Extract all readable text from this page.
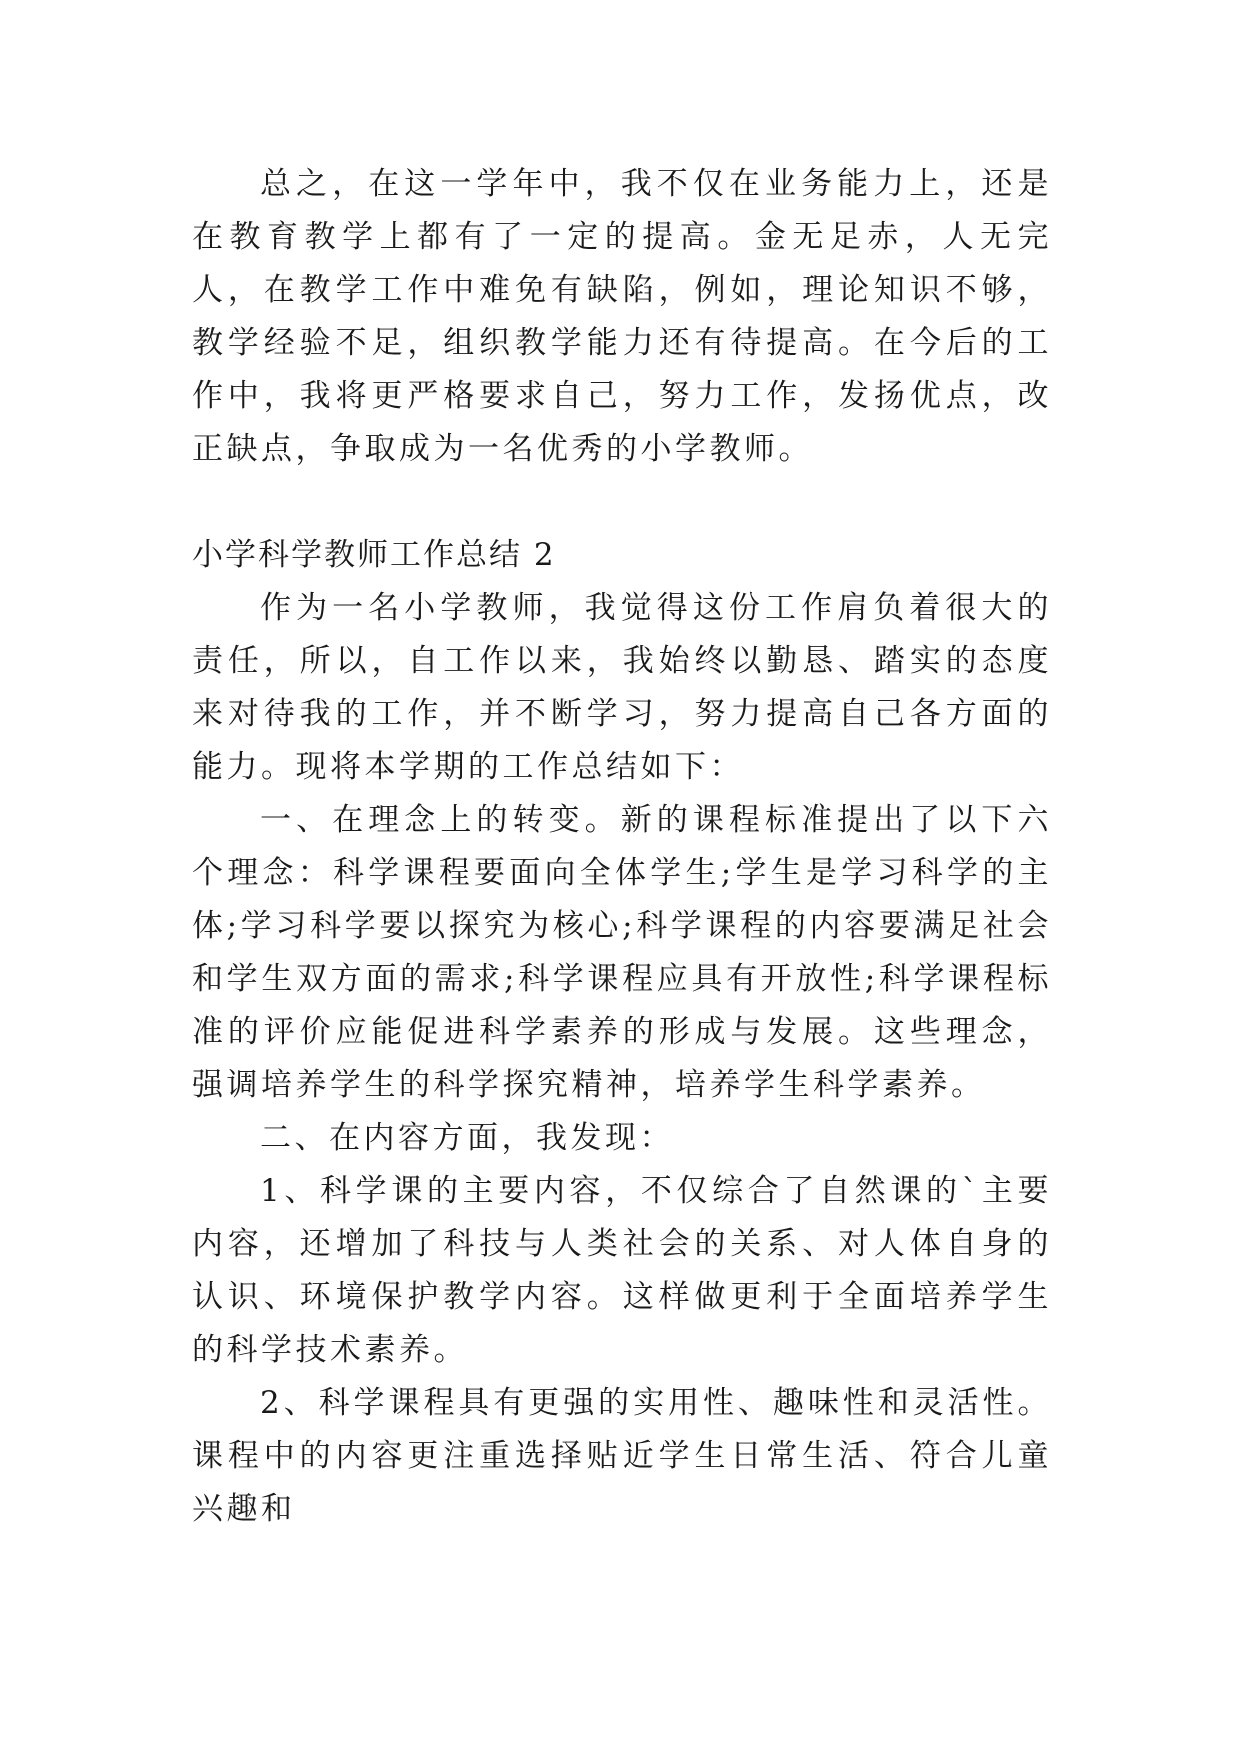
总之，在这一学年中，我不仅在业务能力上，还是在教育教学上都有了一定的提高。金无足赤，人无完人，在教学工作中难免有缺陷，例如，理论知识不够，教学经验不足，组织教学能力还有待提高。在今后的工作中，我将更严格要求自己，努力工作，发扬优点，改正缺点，争取成为一名优秀的小学教师。

小学科学教师工作总结 2

作为一名小学教师，我觉得这份工作肩负着很大的责任，所以，自工作以来，我始终以勤恳、踏实的态度来对待我的工作，并不断学习，努力提高自己各方面的能力。现将本学期的工作总结如下：

一、在理念上的转变。新的课程标准提出了以下六个理念：科学课程要面向全体学生;学生是学习科学的主体;学习科学要以探究为核心;科学课程的内容要满足社会和学生双方面的需求;科学课程应具有开放性;科学课程标准的评价应能促进科学素养的形成与发展。这些理念，强调培养学生的科学探究精神，培养学生科学素养。

二、在内容方面，我发现：

1、科学课的主要内容，不仅综合了自然课的`主要内容，还增加了科技与人类社会的关系、对人体自身的认识、环境保护教学内容。这样做更利于全面培养学生的科学技术素养。

2、科学课程具有更强的实用性、趣味性和灵活性。课程中的内容更注重选择贴近学生日常生活、符合儿童兴趣和
